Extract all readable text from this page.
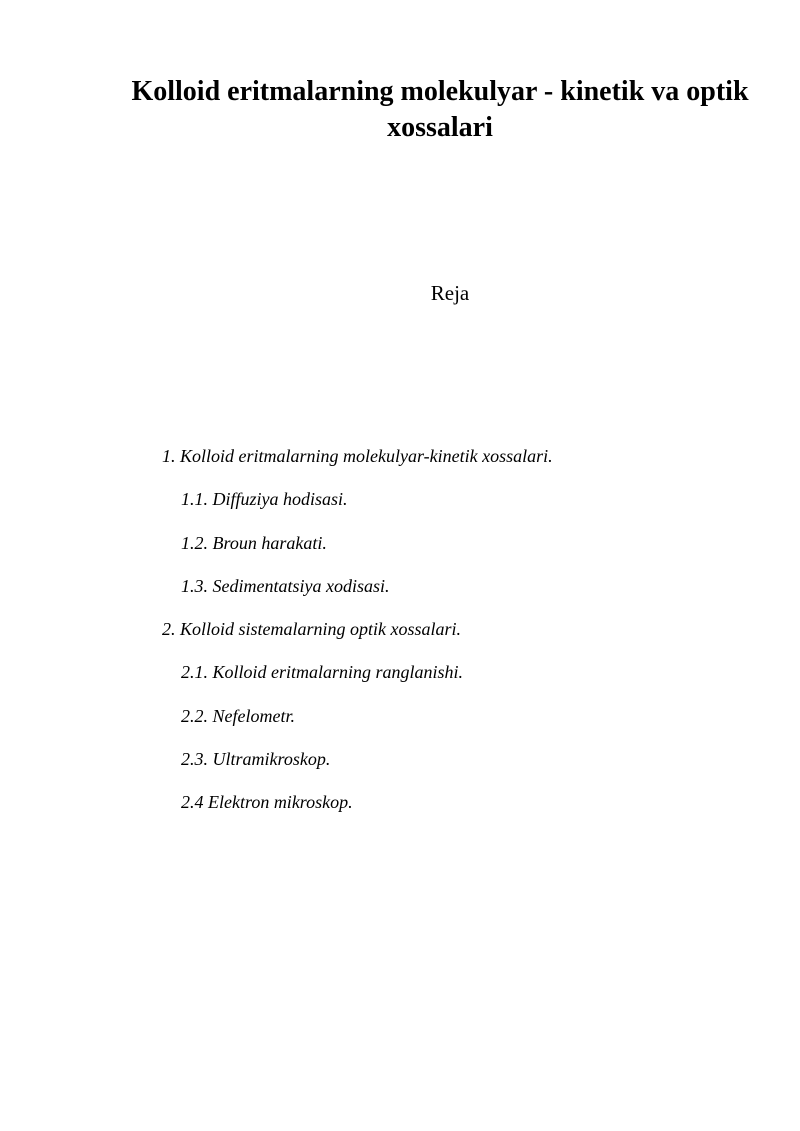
Kolloid eritmalarning molekulyar - kinetik va optik xossalari
Reja
1. Kolloid eritmalarning molekulyar-kinetik xossalari.
1.1. Diffuziya hodisasi.
1.2. Broun harakati.
1.3. Sedimentatsiya xodisasi.
2. Kolloid sistemalarning optik xossalari.
2.1. Kolloid eritmalarning ranglanishi.
2.2. Nefelometr.
2.3. Ultramikroskop.
2.4 Elektron mikroskop.
